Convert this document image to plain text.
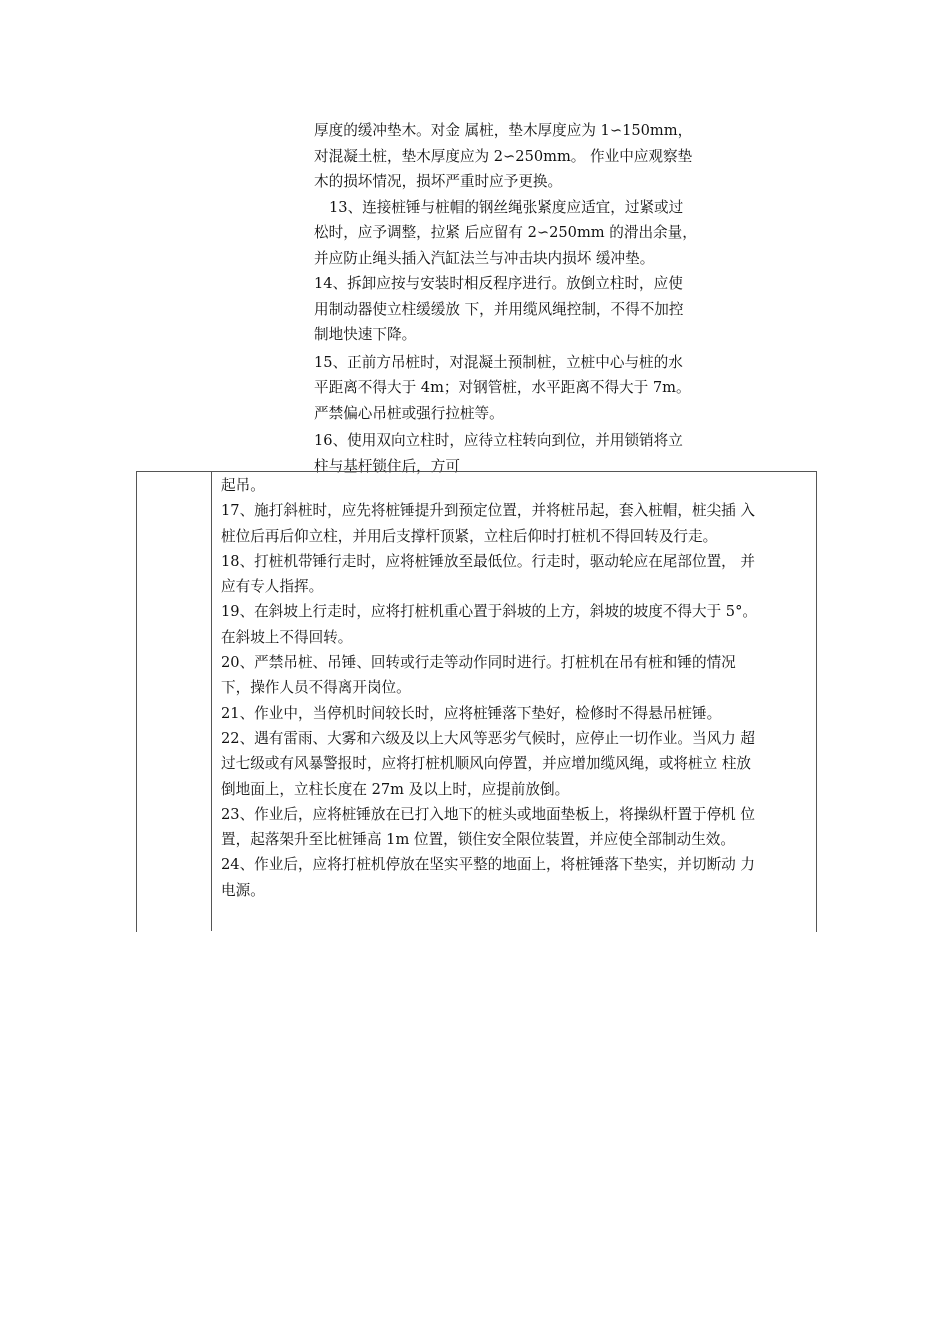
厚度的缓冲垫木。对金 属桩，垫木厚度应为 1∽150mm，

对混凝土桩，垫木厚度应为 2∽250mm。 作业中应观察垫

木的损坏情况，损坏严重时应予更换。

13、连接桩锤与桩帽的钢丝绳张紧度应适宜，过紧或过

松时，应予调整，拉紧 后应留有 2∽250mm 的滑出余量，

并应防止绳头插入汽缸法兰与冲击块内损坏 缓冲垫。

14、拆卸应按与安装时相反程序进行。放倒立柱时，应使

用制动器使立柱缓缓放 下，并用缆风绳控制，不得不加控

制地快速下降。

15、正前方吊桩时，对混凝土预制桩，立桩中心与桩的水

平距离不得大于 4m；对钢管桩，水平距离不得大于 7m。

严禁偏心吊桩或强行拉桩等。

16、使用双向立柱时，应待立柱转向到位，并用锁销将立

柱与基杆锁住后，方可

起吊。

17、施打斜桩时，应先将桩锤提升到预定位置，并将桩吊起，套入桩帽，桩尖插 入

桩位后再后仰立柱，并用后支撑杆顶紧，立柱后仰时打桩机不得回转及行走。

18、打桩机带锤行走时，应将桩锤放至最低位。行走时，驱动轮应在尾部位置， 并

应有专人指挥。

19、在斜坡上行走时，应将打桩机重心置于斜坡的上方，斜坡的坡度不得大于 5°。

在斜坡上不得回转。

20、严禁吊桩、吊锤、回转或行走等动作同时进行。打桩机在吊有桩和锤的情况

下，操作人员不得离开岗位。

21、作业中，当停机时间较长时，应将桩锤落下垫好，检修时不得悬吊桩锤。

22、遇有雷雨、大雾和六级及以上大风等恶劣气候时，应停止一切作业。当风力 超

过七级或有风暴警报时，应将打桩机顺风向停置，并应增加缆风绳，或将桩立 柱放

倒地面上，立柱长度在 27m 及以上时，应提前放倒。

23、作业后，应将桩锤放在已打入地下的桩头或地面垫板上，将操纵杆置于停机 位

置，起落架升至比桩锤高 1m 位置，锁住安全限位装置，并应使全部制动生效。

24、作业后，应将打桩机停放在坚实平整的地面上，将桩锤落下垫实，并切断动 力

电源。
